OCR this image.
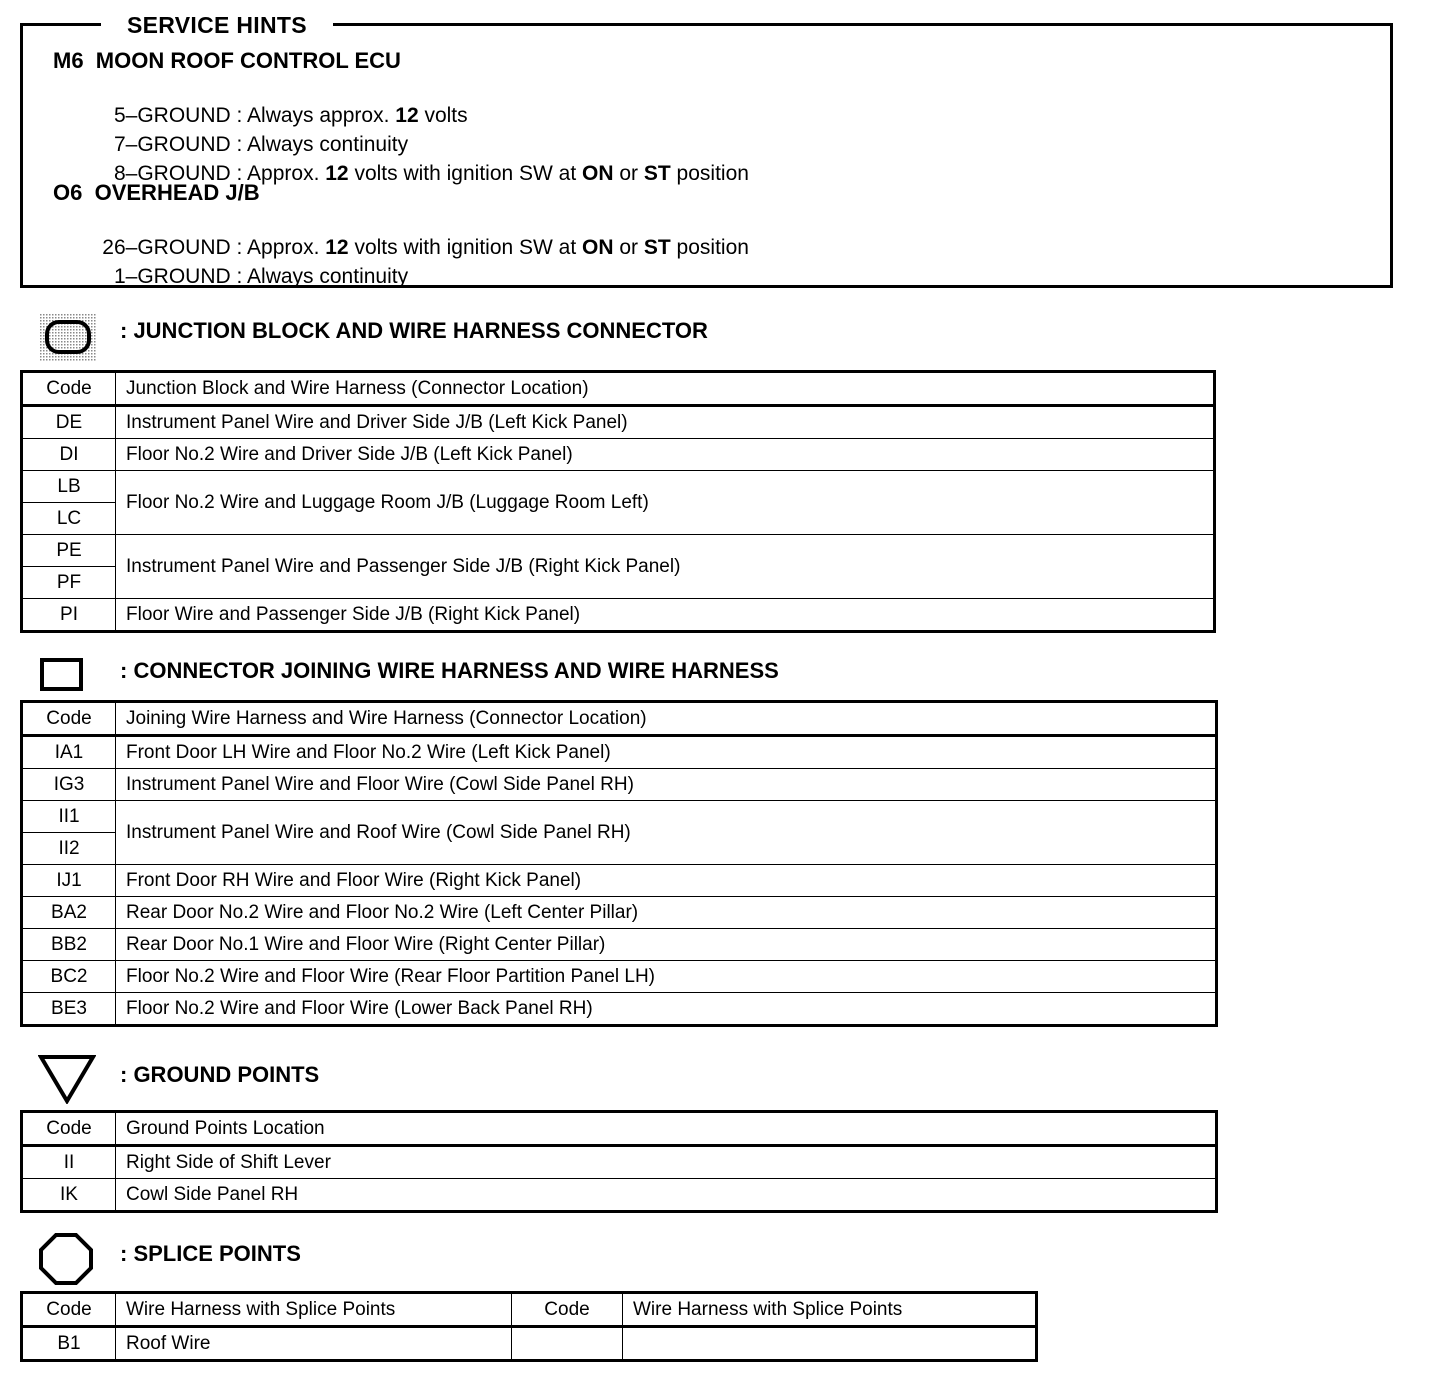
SERVICE HINTS
M6 MOON ROOF CONTROL ECU

5–GROUND : Always approx. 12 volts

7–GROUND : Always continuity

8–GROUND : Approx. 12 volts with ignition SW at ON or ST position

O6 OVERHEAD J/B

26–GROUND : Approx. 12 volts with ignition SW at ON or ST position

1–GROUND : Always continuity

: JUNCTION BLOCK AND WIRE HARNESS CONNECTOR
Code	Junction Block and Wire Harness (Connector Location)
DE	Instrument Panel Wire and Driver Side J/B (Left Kick Panel)
DI	Floor No.2 Wire and Driver Side J/B (Left Kick Panel)
LB	Floor No.2 Wire and Luggage Room J/B (Luggage Room Left)
LC	
PE	Instrument Panel Wire and Passenger Side J/B (Right Kick Panel)
PF	
PI	Floor Wire and Passenger Side J/B (Right Kick Panel)
: CONNECTOR JOINING WIRE HARNESS AND WIRE HARNESS
Code	Joining Wire Harness and Wire Harness (Connector Location)
IA1	Front Door LH Wire and Floor No.2 Wire (Left Kick Panel)
IG3	Instrument Panel Wire and Floor Wire (Cowl Side Panel RH)
II1	Instrument Panel Wire and Roof Wire (Cowl Side Panel RH)
II2	
IJ1	Front Door RH Wire and Floor Wire (Right Kick Panel)
BA2	Rear Door No.2 Wire and Floor No.2 Wire (Left Center Pillar)
BB2	Rear Door No.1 Wire and Floor Wire (Right Center Pillar)
BC2	Floor No.2 Wire and Floor Wire (Rear Floor Partition Panel LH)
BE3	Floor No.2 Wire and Floor Wire (Lower Back Panel RH)
: GROUND POINTS
Code	Ground Points Location
II	Right Side of Shift Lever
IK	Cowl Side Panel RH
: SPLICE POINTS
Code	Wire Harness with Splice Points	Code	Wire Harness with Splice Points
B1	Roof Wire		
